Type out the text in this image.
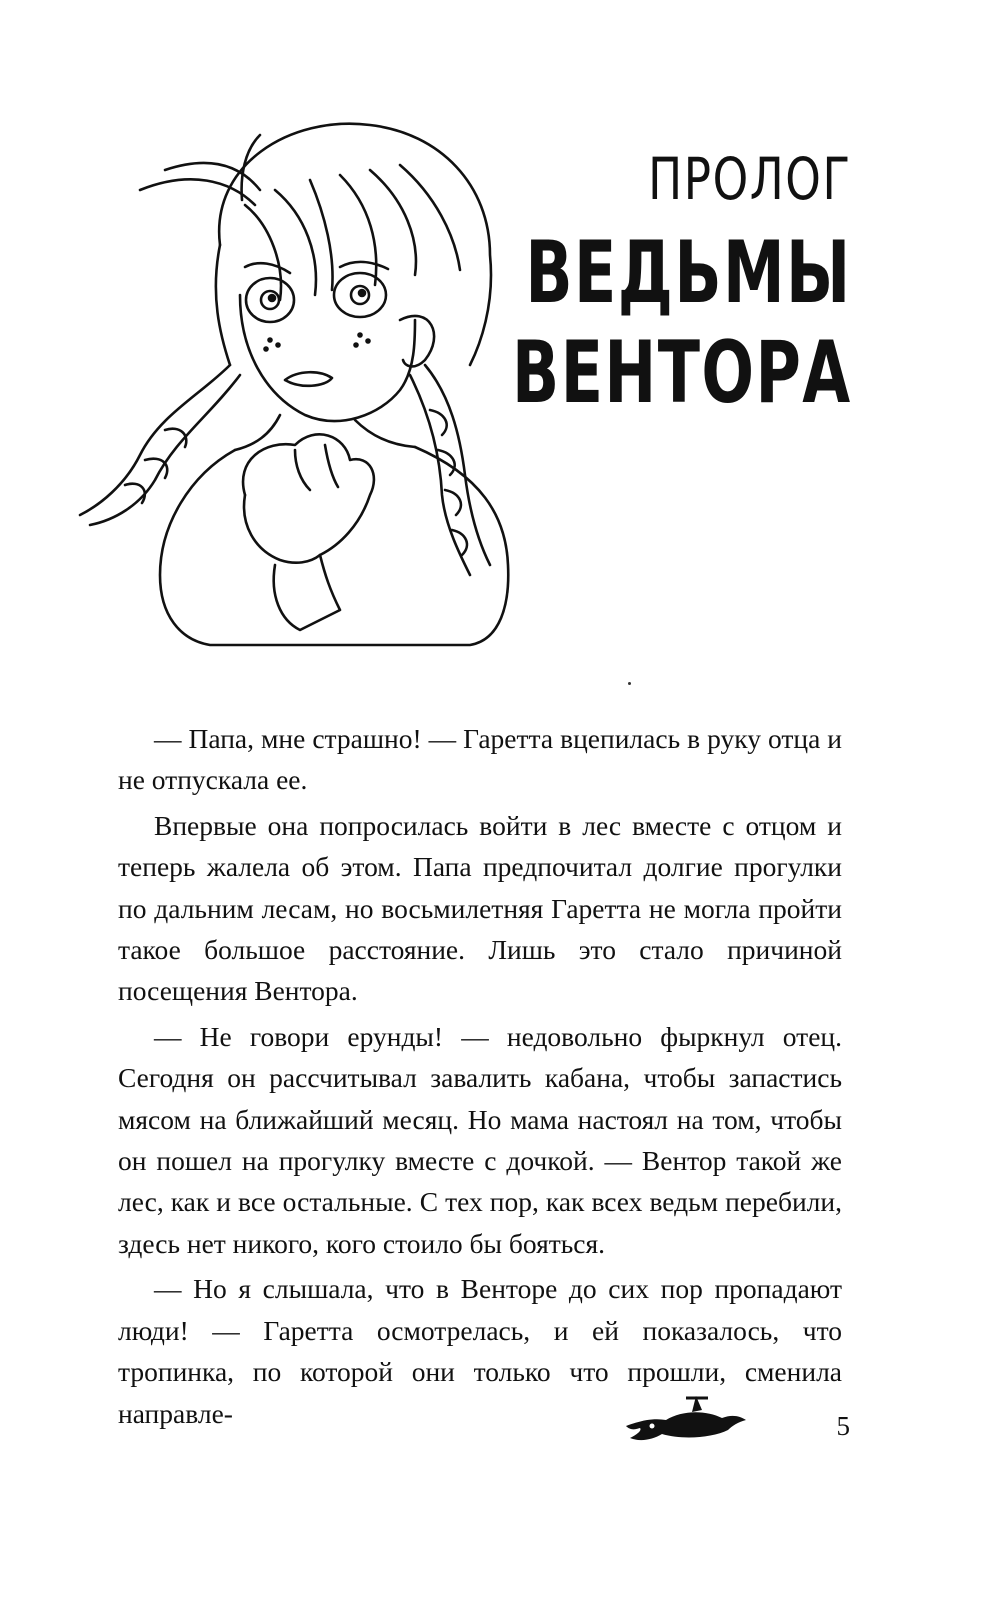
ПРОЛОГ
ВЕДЬМЫ
ВЕНТОРА

— Папа, мне страшно! — Гаретта вцепилась в руку отца и не отпускала ее.

Впервые она попросилась войти в лес вместе с отцом и теперь жалела об этом. Папа предпочитал долгие прогулки по дальним лесам, но восьмилетняя Гаретта не могла пройти такое большое расстояние. Лишь это стало причиной посещения Вентора.

— Не говори ерунды! — недовольно фыркнул отец. Сегодня он рассчитывал завалить кабана, чтобы запастись мясом на ближайший месяц. Но мама настоял на том, чтобы он пошел на прогулку вместе с дочкой. — Вентор такой же лес, как и все остальные. С тех пор, как всех ведьм перебили, здесь нет никого, кого стоило бы бояться.

— Но я слышала, что в Венторе до сих пор пропадают люди! — Гаретта осмотрелась, и ей показалось, что тропинка, по которой они только что прошли, сменила направле-	5
